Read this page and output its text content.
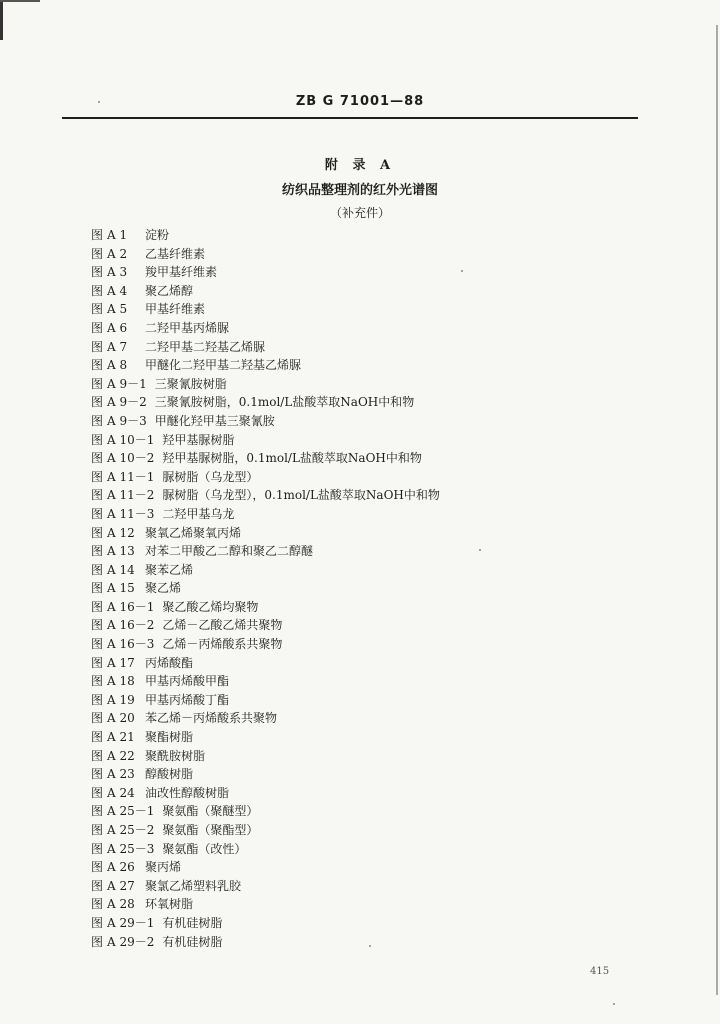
ZB G 71001—88
附 录 A
纺织品整理剂的红外光谱图
（补充件）
图 A 1 淀粉
图 A 2 乙基纤维素
图 A 3 羧甲基纤维素
图 A 4 聚乙烯醇
图 A 5 甲基纤维素
图 A 6 二羟甲基丙烯脲
图 A 7 二羟甲基二羟基乙烯脲
图 A 8 甲醚化二羟甲基二羟基乙烯脲
图 A 9－1 三聚氰胺树脂
图 A 9－2 三聚氰胺树脂，0.1mol/L盐酸萃取NaOH中和物
图 A 9－3 甲醚化羟甲基三聚氰胺
图 A 10－1 羟甲基脲树脂
图 A 10－2 羟甲基脲树脂，0.1mol/L盐酸萃取NaOH中和物
图 A 11－1 脲树脂（乌龙型）
图 A 11－2 脲树脂（乌龙型），0.1mol/L盐酸萃取NaOH中和物
图 A 11－3 二羟甲基乌龙
图 A 12 聚氧乙烯聚氧丙烯
图 A 13 对苯二甲酸乙二醇和聚乙二醇醚
图 A 14 聚苯乙烯
图 A 15 聚乙烯
图 A 16－1 聚乙酸乙烯均聚物
图 A 16－2 乙烯－乙酸乙烯共聚物
图 A 16－3 乙烯－丙烯酸系共聚物
图 A 17 丙烯酸酯
图 A 18 甲基丙烯酸甲酯
图 A 19 甲基丙烯酸丁酯
图 A 20 苯乙烯－丙烯酸系共聚物
图 A 21 聚酯树脂
图 A 22 聚酰胺树脂
图 A 23 醇酸树脂
图 A 24 油改性醇酸树脂
图 A 25－1 聚氨酯（聚醚型）
图 A 25－2 聚氨酯（聚酯型）
图 A 25－3 聚氨酯（改性）
图 A 26 聚丙烯
图 A 27 聚氯乙烯塑料乳胶
图 A 28 环氧树脂
图 A 29－1 有机硅树脂
图 A 29－2 有机硅树脂
415
